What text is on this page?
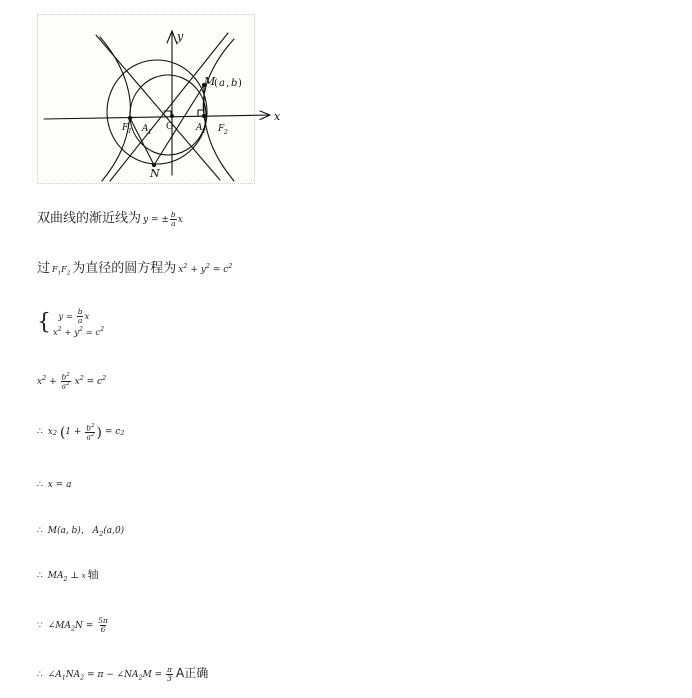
y
x
M
( a , b )
N
F 1 A 1
O	A 2 F 2
双曲线的渐近线为 y = ± $\frac{b}{a}$ x
过 $F_1F_2$ 为直径的圆方程为 $x^2 + y^2 = c^2$
{ $y = \frac{b}{a}$ x
$x^2 + y^2 = c^2$
$x^2 + \frac{b^2}{a^2} x^2 = c^2$
∴ x 2
( $1 + \frac{b^2}{a^2}$ ) = c 2
∴ x = a
∴ M(a, b)， $A_2(a,0)$
∴ $MA_2$ ⊥ x 轴
∵ $\angle MA_2N = \frac{5\pi}{6}$
∴ $\angle A_1NA_2 = \pi$ − $\angle NA_2M = \frac{\pi}{3}$ A正确
